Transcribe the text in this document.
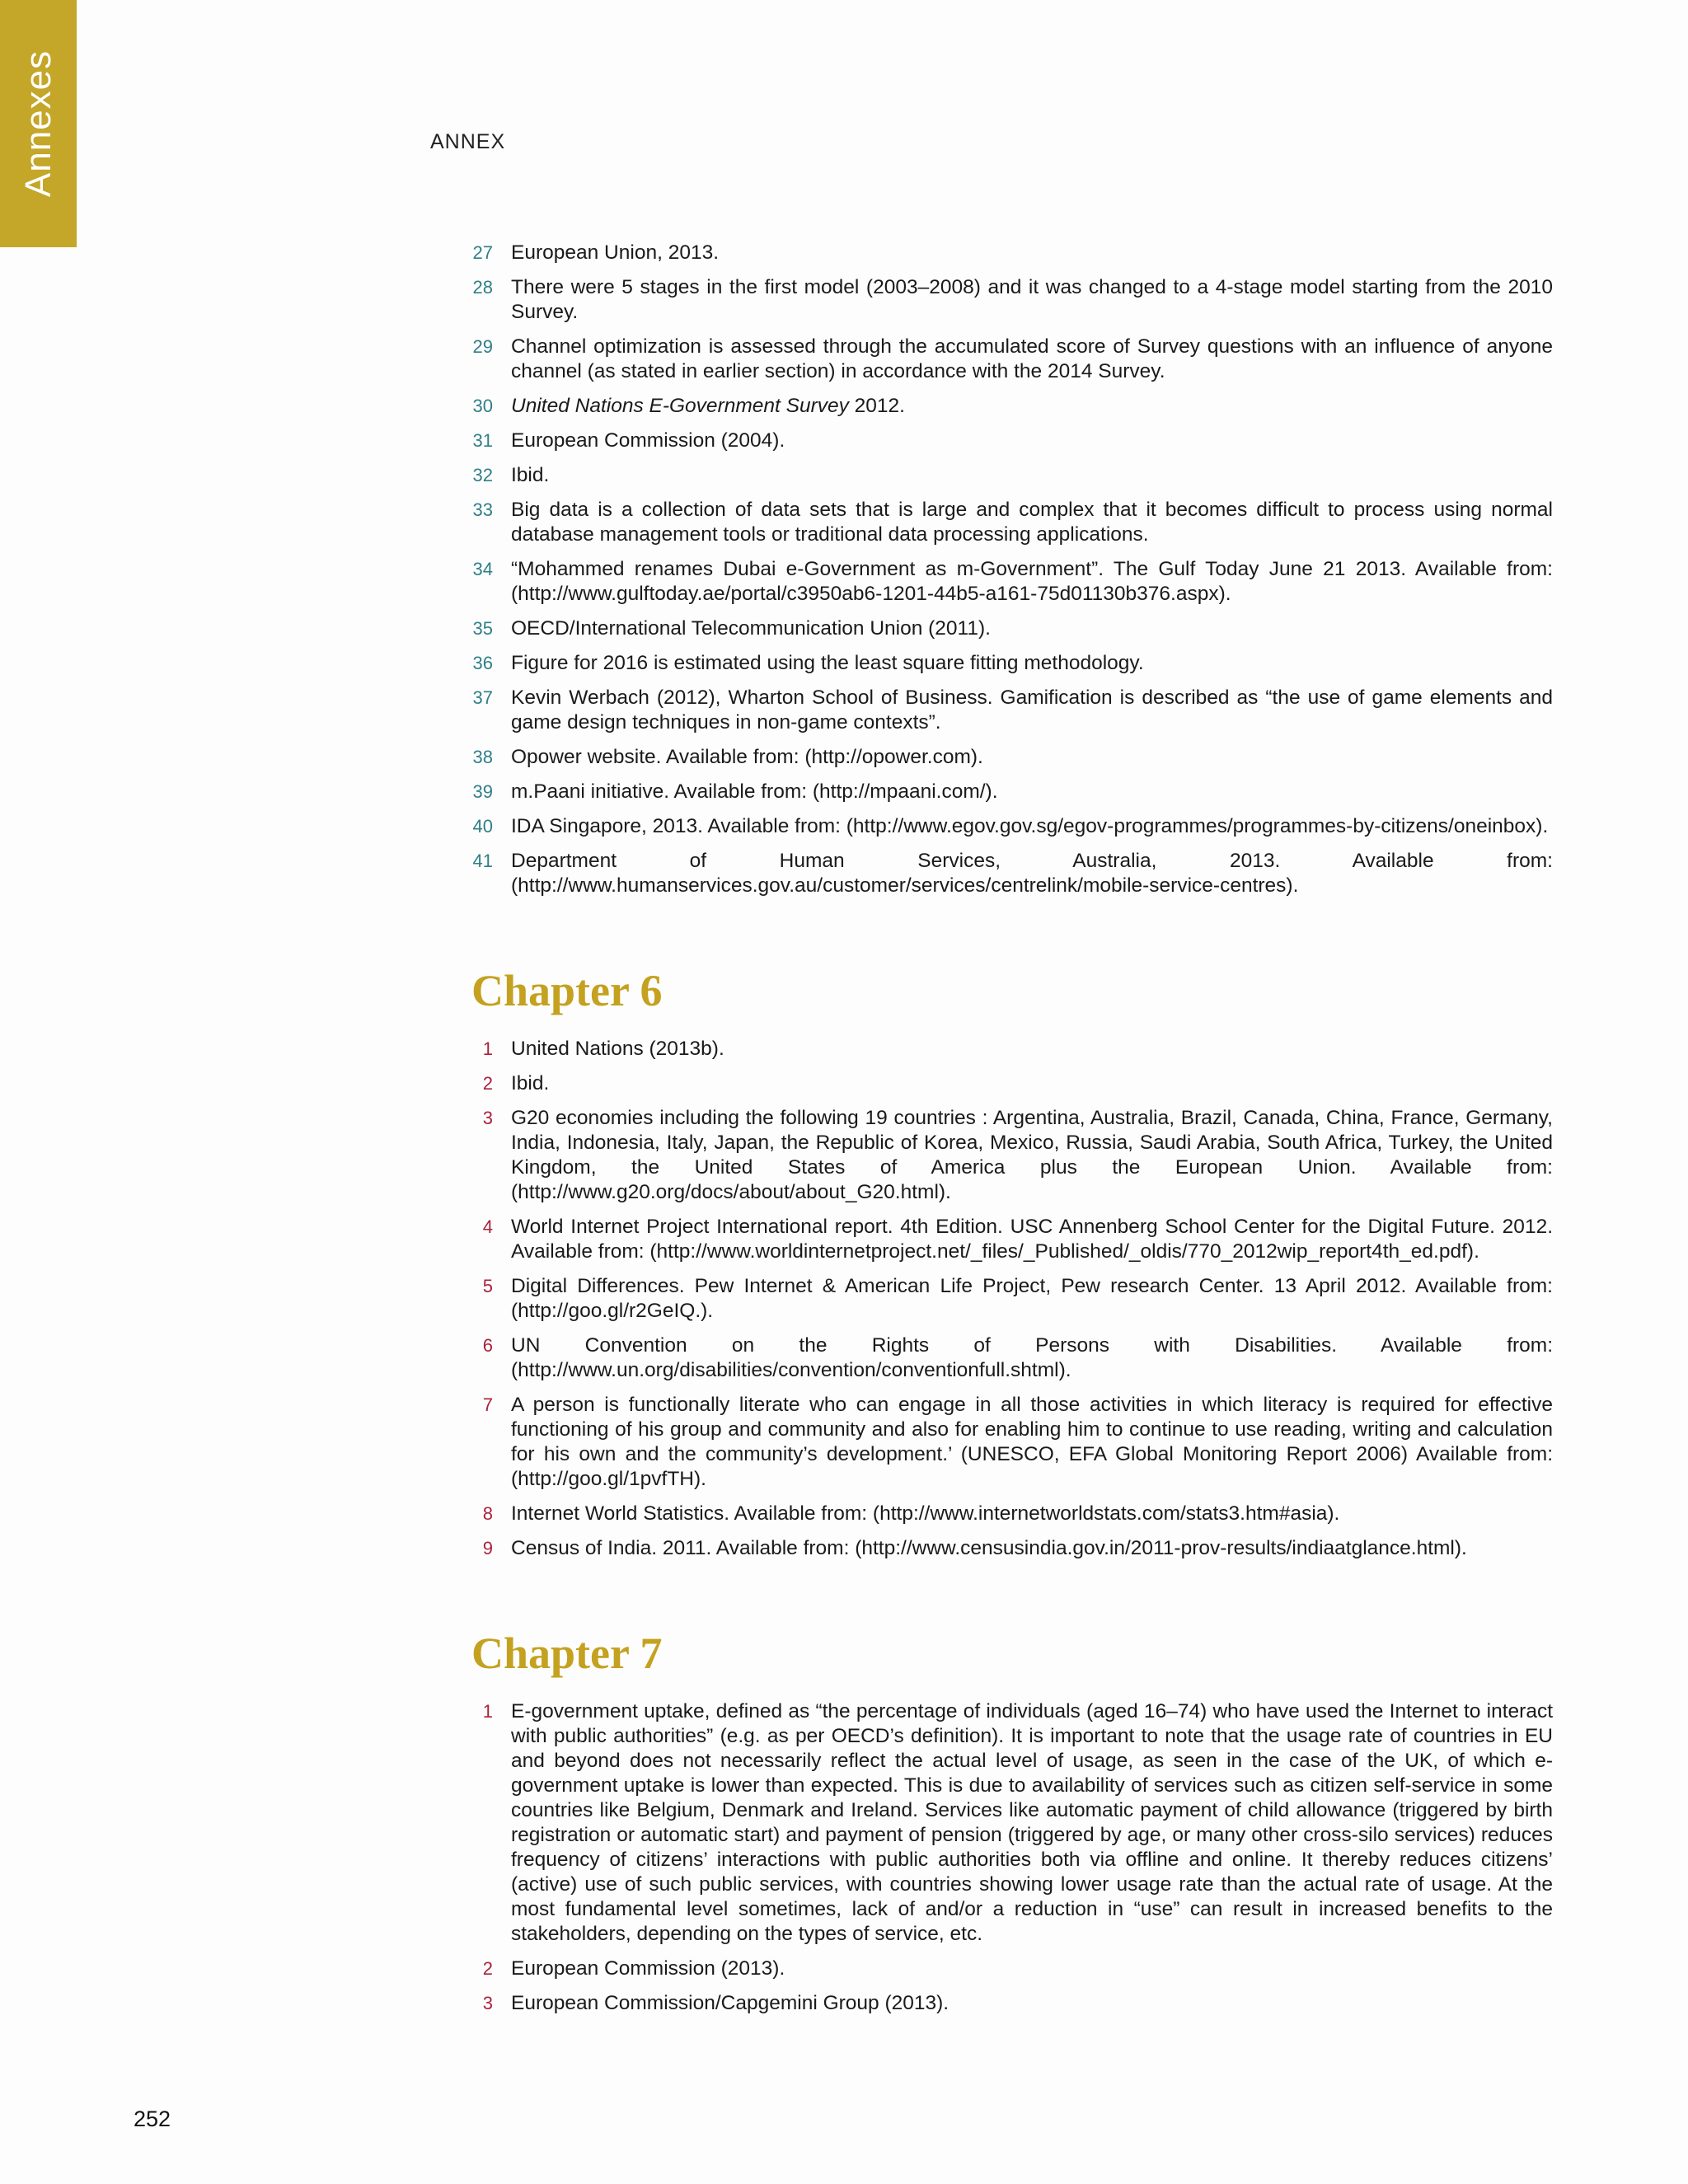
Annexes	ANNEX
27 European Union, 2013.
28 There were 5 stages in the first model (2003–2008) and it was changed to a 4-stage model starting from the 2010 Survey.
29 Channel optimization is assessed through the accumulated score of Survey questions with an influence of anyone channel (as stated in earlier section) in accordance with the 2014 Survey.
30 United Nations E-Government Survey 2012.
31 European Commission (2004).
32 Ibid.
33 Big data is a collection of data sets that is large and complex that it becomes difficult to process using normal database management tools or traditional data processing applications.
34 “Mohammed renames Dubai e-Government as m-Government”. The Gulf Today June 21 2013. Available from: (http://www.gulftoday.ae/portal/c3950ab6-1201-44b5-a161-75d01130b376.aspx).
35 OECD/International Telecommunication Union (2011).
36 Figure for 2016 is estimated using the least square fitting methodology.
37 Kevin Werbach (2012), Wharton School of Business. Gamification is described as “the use of game elements and game design techniques in non-game contexts”.
38 Opower website. Available from: (http://opower.com).
39 m.Paani initiative. Available from: (http://mpaani.com/).
40 IDA Singapore, 2013. Available from: (http://www.egov.gov.sg/egov-programmes/programmes-by-citizens/oneinbox).
41 Department of Human Services, Australia, 2013. Available from: (http://www.humanservices.gov.au/customer/services/centrelink/mobile-service-centres).
Chapter 6
1 United Nations (2013b).
2 Ibid.
3 G20 economies including the following 19 countries : Argentina, Australia, Brazil, Canada, China, France, Germany, India, Indonesia, Italy, Japan, the Republic of Korea, Mexico, Russia, Saudi Arabia, South Africa, Turkey, the United Kingdom, the United States of America plus the European Union. Available from: (http://www.g20.org/docs/about/about_G20.html).
4 World Internet Project International report. 4th Edition. USC Annenberg School Center for the Digital Future. 2012. Available from: (http://www.worldinternetproject.net/_files/_Published/_oldis/770_2012wip_report4th_ed.pdf).
5 Digital Differences. Pew Internet & American Life Project, Pew research Center. 13 April 2012. Available from: (http://goo.gl/r2GeIQ.).
6 UN Convention on the Rights of Persons with Disabilities. Available from: (http://www.un.org/disabilities/convention/conventionfull.shtml).
7 A person is functionally literate who can engage in all those activities in which literacy is required for effective functioning of his group and community and also for enabling him to continue to use reading, writing and calculation for his own and the community’s development.’ (UNESCO, EFA Global Monitoring Report 2006) Available from: (http://goo.gl/1pvfTH).
8 Internet World Statistics. Available from: (http://www.internetworldstats.com/stats3.htm#asia).
9 Census of India. 2011. Available from: (http://www.censusindia.gov.in/2011-prov-results/indiaatglance.html).
Chapter 7
1 E-government uptake, defined as “the percentage of individuals (aged 16–74) who have used the Internet to interact with public authorities” (e.g. as per OECD’s definition). It is important to note that the usage rate of countries in EU and beyond does not necessarily reflect the actual level of usage, as seen in the case of the UK, of which e-government uptake is lower than expected. This is due to availability of services such as citizen self-service in some countries like Belgium, Denmark and Ireland. Services like automatic payment of child allowance (triggered by birth registration or automatic start) and payment of pension (triggered by age, or many other cross-silo services) reduces frequency of citizens’ interactions with public authorities both via offline and online. It thereby reduces citizens’ (active) use of such public services, with countries showing lower usage rate than the actual rate of usage. At the most fundamental level sometimes, lack of and/or a reduction in “use” can result in increased benefits to the stakeholders, depending on the types of service, etc.
2 European Commission (2013).
3 European Commission/Capgemini Group (2013).
252
